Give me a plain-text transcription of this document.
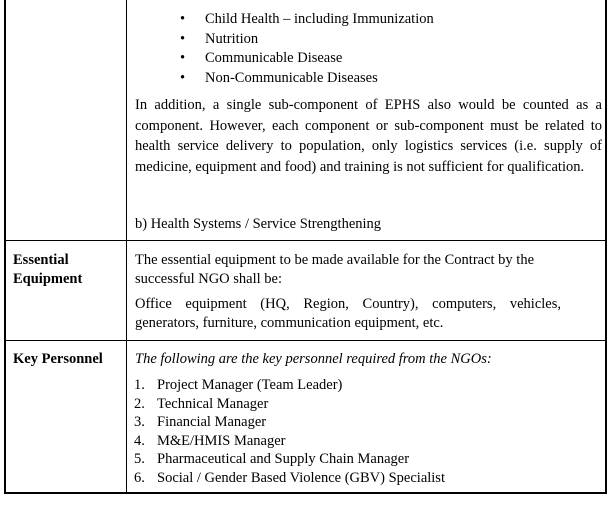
• Child Health – including Immunization
• Nutrition
• Communicable Disease
• Non-Communicable Diseases
In addition, a single sub-component of EPHS also would be counted as a component. However, each component or sub-component must be related to health service delivery to population, only logistics services (i.e. supply of medicine, equipment and food) and training is not sufficient for qualification.
b) Health Systems / Service Strengthening
Essential
Equipment
The essential equipment to be made available for the Contract by the successful NGO shall be:
Office equipment (HQ, Region, Country), computers, vehicles, generators, furniture, communication equipment, etc.
Key Personnel	The following are the key personnel required from the NGOs:
1. Project Manager (Team Leader)
2. Technical Manager
3. Financial Manager
4. M&E/HMIS Manager
5. Pharmaceutical and Supply Chain Manager
6. Social / Gender Based Violence (GBV) Specialist
